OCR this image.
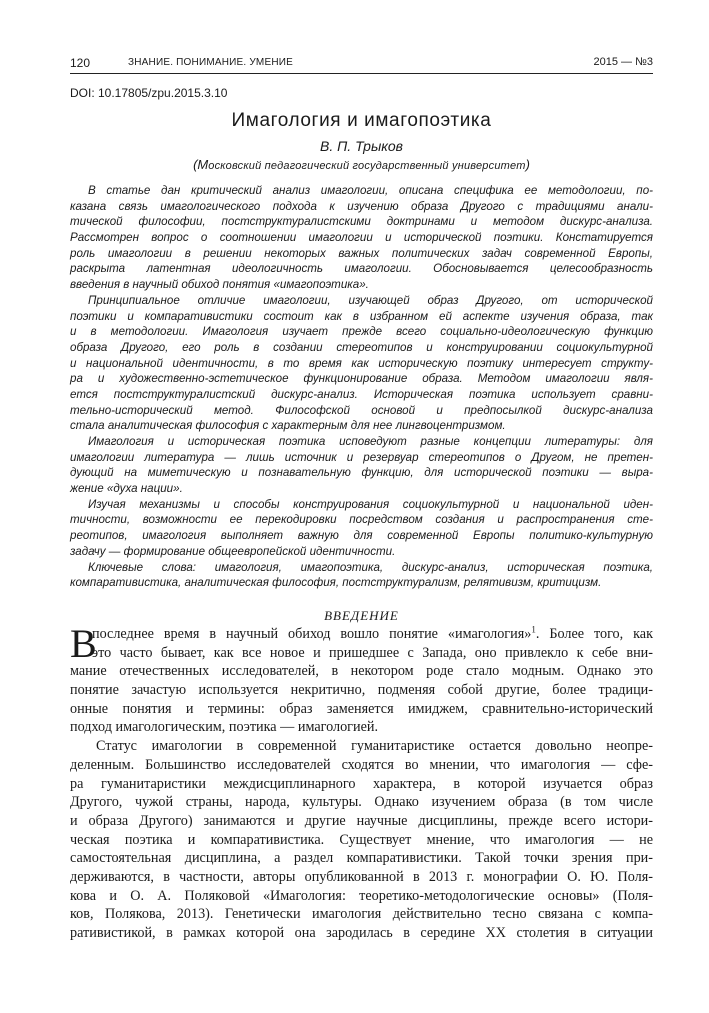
120	ЗНАНИЕ. ПОНИМАНИЕ. УМЕНИЕ	2015 — №3
DOI: 10.17805/zpu.2015.3.10
Имагология и имагопоэтика
В. П. Трыков
(Московский педагогический государственный университет)
В статье дан критический анализ имагологии, описана специфика ее методологии, по-
казана связь имагологического подхода к изучению образа Другого с традициями анали-
тической философии, постструктуралистскими доктринами и методом дискурс-анализа.
Рассмотрен вопрос о соотношении имагологии и исторической поэтики. Констатируется
роль имагологии в решении некоторых важных политических задач современной Европы,
раскрыта латентная идеологичность имагологии. Обосновывается целесообразность
введения в научный обиход понятия «имагопоэтика».
Принципиальное отличие имагологии, изучающей образ Другого, от исторической
поэтики и компаративистики состоит как в избранном ей аспекте изучения образа, так
и в методологии. Имагология изучает прежде всего социально-идеологическую функцию
образа Другого, его роль в создании стереотипов и конструировании социокультурной
и национальной идентичности, в то время как историческую поэтику интересует структу-
ра и художественно-эстетическое функционирование образа. Методом имагологии явля-
ется постструктуралистский дискурс-анализ. Историческая поэтика использует сравни-
тельно-исторический метод. Философской основой и предпосылкой дискурс-анализа
стала аналитическая философия с характерным для нее лингвоцентризмом.
Имагология и историческая поэтика исповедуют разные концепции литературы: для
имагологии литература — лишь источник и резервуар стереотипов о Другом, не претен-
дующий на миметическую и познавательную функцию, для исторической поэтики — выра-
жение «духа нации».
Изучая механизмы и способы конструирования социокультурной и национальной иден-
тичности, возможности ее перекодировки посредством создания и распространения сте-
реотипов, имагология выполняет важную для современной Европы политико-культурную
задачу — формирование общеевропейской идентичности.
Ключевые слова: имагология, имагопоэтика, дискурс-анализ, историческая поэтика,
компаративистика, аналитическая философия, постструктурализм, релятивизм, критицизм.
ВВЕДЕНИЕ
В
последнее время в научный обиход вошло понятие «имагология»$^1$. Более того, как
это часто бывает, как все новое и пришедшее с Запада, оно привлекло к себе вни-
мание отечественных исследователей, в некотором роде стало модным. Однако это
понятие зачастую используется некритично, подменяя собой другие, более традици-
онные понятия и термины: образ заменяется имиджем, сравнительно-исторический
подход имагологическим, поэтика — имагологией.
Статус имагологии в современной гуманитаристике остается довольно неопре-
деленным. Большинство исследователей сходятся во мнении, что имагология — сфе-
ра гуманитаристики междисциплинарного характера, в которой изучается образ
Другого, чужой страны, народа, культуры. Однако изучением образа (в том числе
и образа Другого) занимаются и другие научные дисциплины, прежде всего истори-
ческая поэтика и компаративистика. Существует мнение, что имагология — не
самостоятельная дисциплина, а раздел компаративистики. Такой точки зрения при-
держиваются, в частности, авторы опубликованной в 2013 г. монографии О. Ю. Поля-
кова и О. А. Поляковой «Имагология: теоретико-методологические основы» (Поля-
ков, Полякова, 2013). Генетически имагология действительно тесно связана с компа-
ративистикой, в рамках которой она зародилась в середине XX столетия в ситуации
